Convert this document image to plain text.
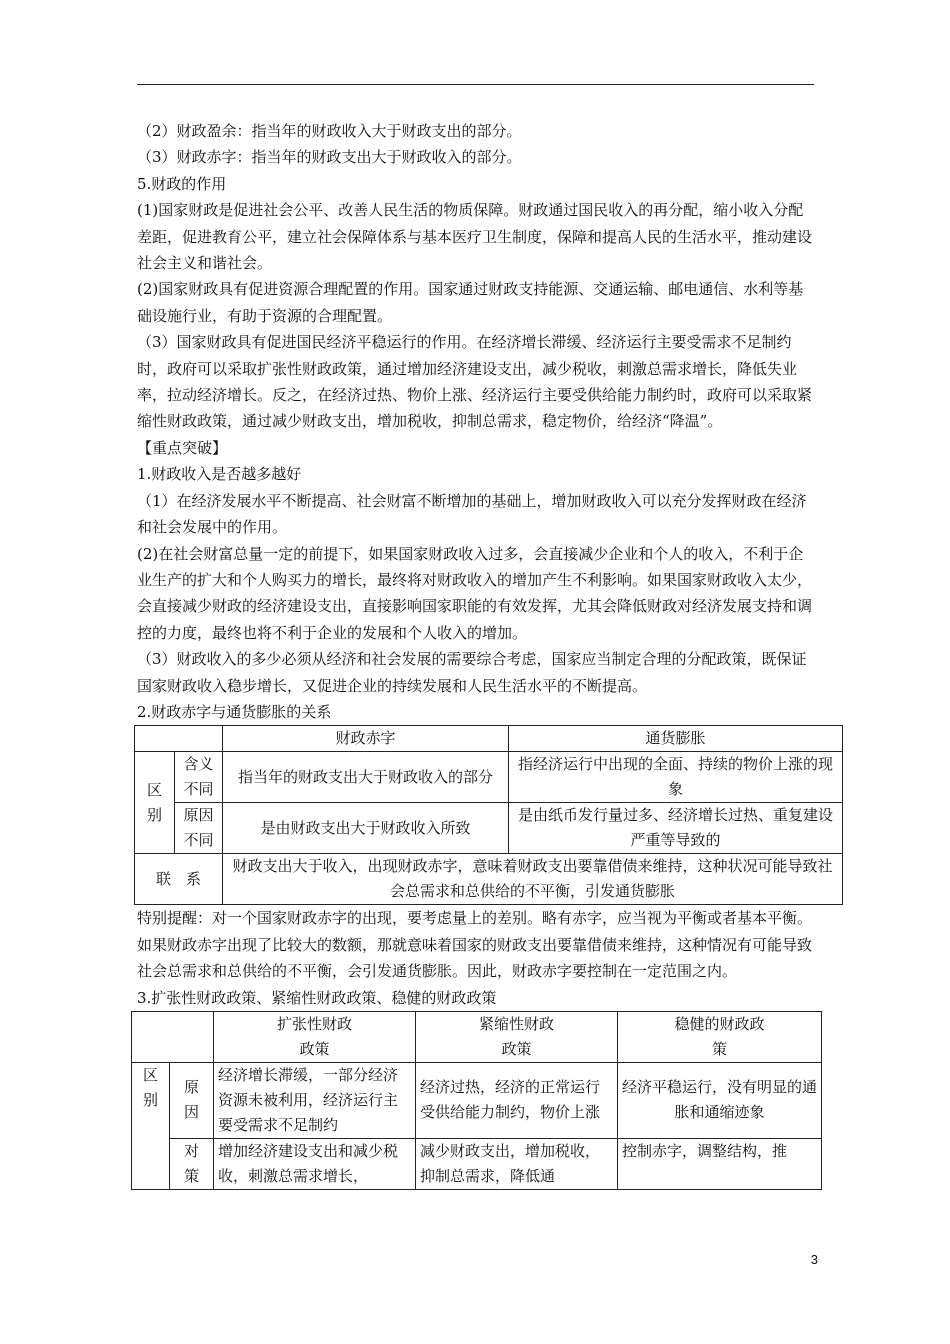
（2）财政盈余：指当年的财政收入大于财政支出的部分。

（3）财政赤字：指当年的财政支出大于财政收入的部分。

5.财政的作用

(1)国家财政是促进社会公平、改善人民生活的物质保障。财政通过国民收入的再分配，缩小收入分配差距，促进教育公平，建立社会保障体系与基本医疗卫生制度，保障和提高人民的生活水平，推动建设社会主义和谐社会。

(2)国家财政具有促进资源合理配置的作用。国家通过财政支持能源、交通运输、邮电通信、水利等基础设施行业，有助于资源的合理配置。

（3）国家财政具有促进国民经济平稳运行的作用。在经济增长滞缓、经济运行主要受需求不足制约时，政府可以采取扩张性财政政策，通过增加经济建设支出，减少税收，刺激总需求增长，降低失业率，拉动经济增长。反之，在经济过热、物价上涨、经济运行主要受供给能力制约时，政府可以采取紧缩性财政政策，通过减少财政支出，增加税收，抑制总需求，稳定物价，给经济“降温”。

【重点突破】

1.财政收入是否越多越好

（1）在经济发展水平不断提高、社会财富不断增加的基础上，增加财政收入可以充分发挥财政在经济和社会发展中的作用。

(2)在社会财富总量一定的前提下，如果国家财政收入过多，会直接减少企业和个人的收入，不利于企业生产的扩大和个人购买力的增长，最终将对财政收入的增加产生不利影响。如果国家财政收入太少，会直接减少财政的经济建设支出，直接影响国家职能的有效发挥，尤其会降低财政对经济发展支持和调控的力度，最终也将不利于企业的发展和个人收入的增加。

（3）财政收入的多少必须从经济和社会发展的需要综合考虑，国家应当制定合理的分配政策，既保证国家财政收入稳步增长，又促进企业的持续发展和人民生活水平的不断提高。

2.财政赤字与通货膨胀的关系

		财政赤字	通货膨胀
区别	含义不同	指当年的财政支出大于财政收入的部分	指经济运行中出现的全面、持续的物价上涨的现象
	原因不同	是由财政支出大于财政收入所致	是由纸币发行量过多、经济增长过热、重复建设严重等导致的
联　系		财政支出大于收入，出现财政赤字，意味着财政支出要靠借债来维持，这种状况可能导致社会总需求和总供给的不平衡，引发通货膨胀	

特别提醒：对一个国家财政赤字的出现，要考虑量上的差别。略有赤字，应当视为平衡或者基本平衡。如果财政赤字出现了比较大的数额，那就意味着国家的财政支出要靠借债来维持，这种情况有可能导致社会总需求和总供给的不平衡，会引发通货膨胀。因此，财政赤字要控制在一定范围之内。

3.扩张性财政政策、紧缩性财政政策、稳健的财政政策

		扩张性财政政策	紧缩性财政政策	稳健的财政政策
区别	原因	经济增长滞缓，一部分经济资源未被利用，经济运行主要受需求不足制约	经济过热，经济的正常运行受供给能力制约，物价上涨	经济平稳运行，没有明显的通胀和通缩迹象
	对策	增加经济建设支出和减少税收，刺激总需求增长，	减少财政支出，增加税收，抑制总需求，降低通	控制赤字，调整结构，推
3
